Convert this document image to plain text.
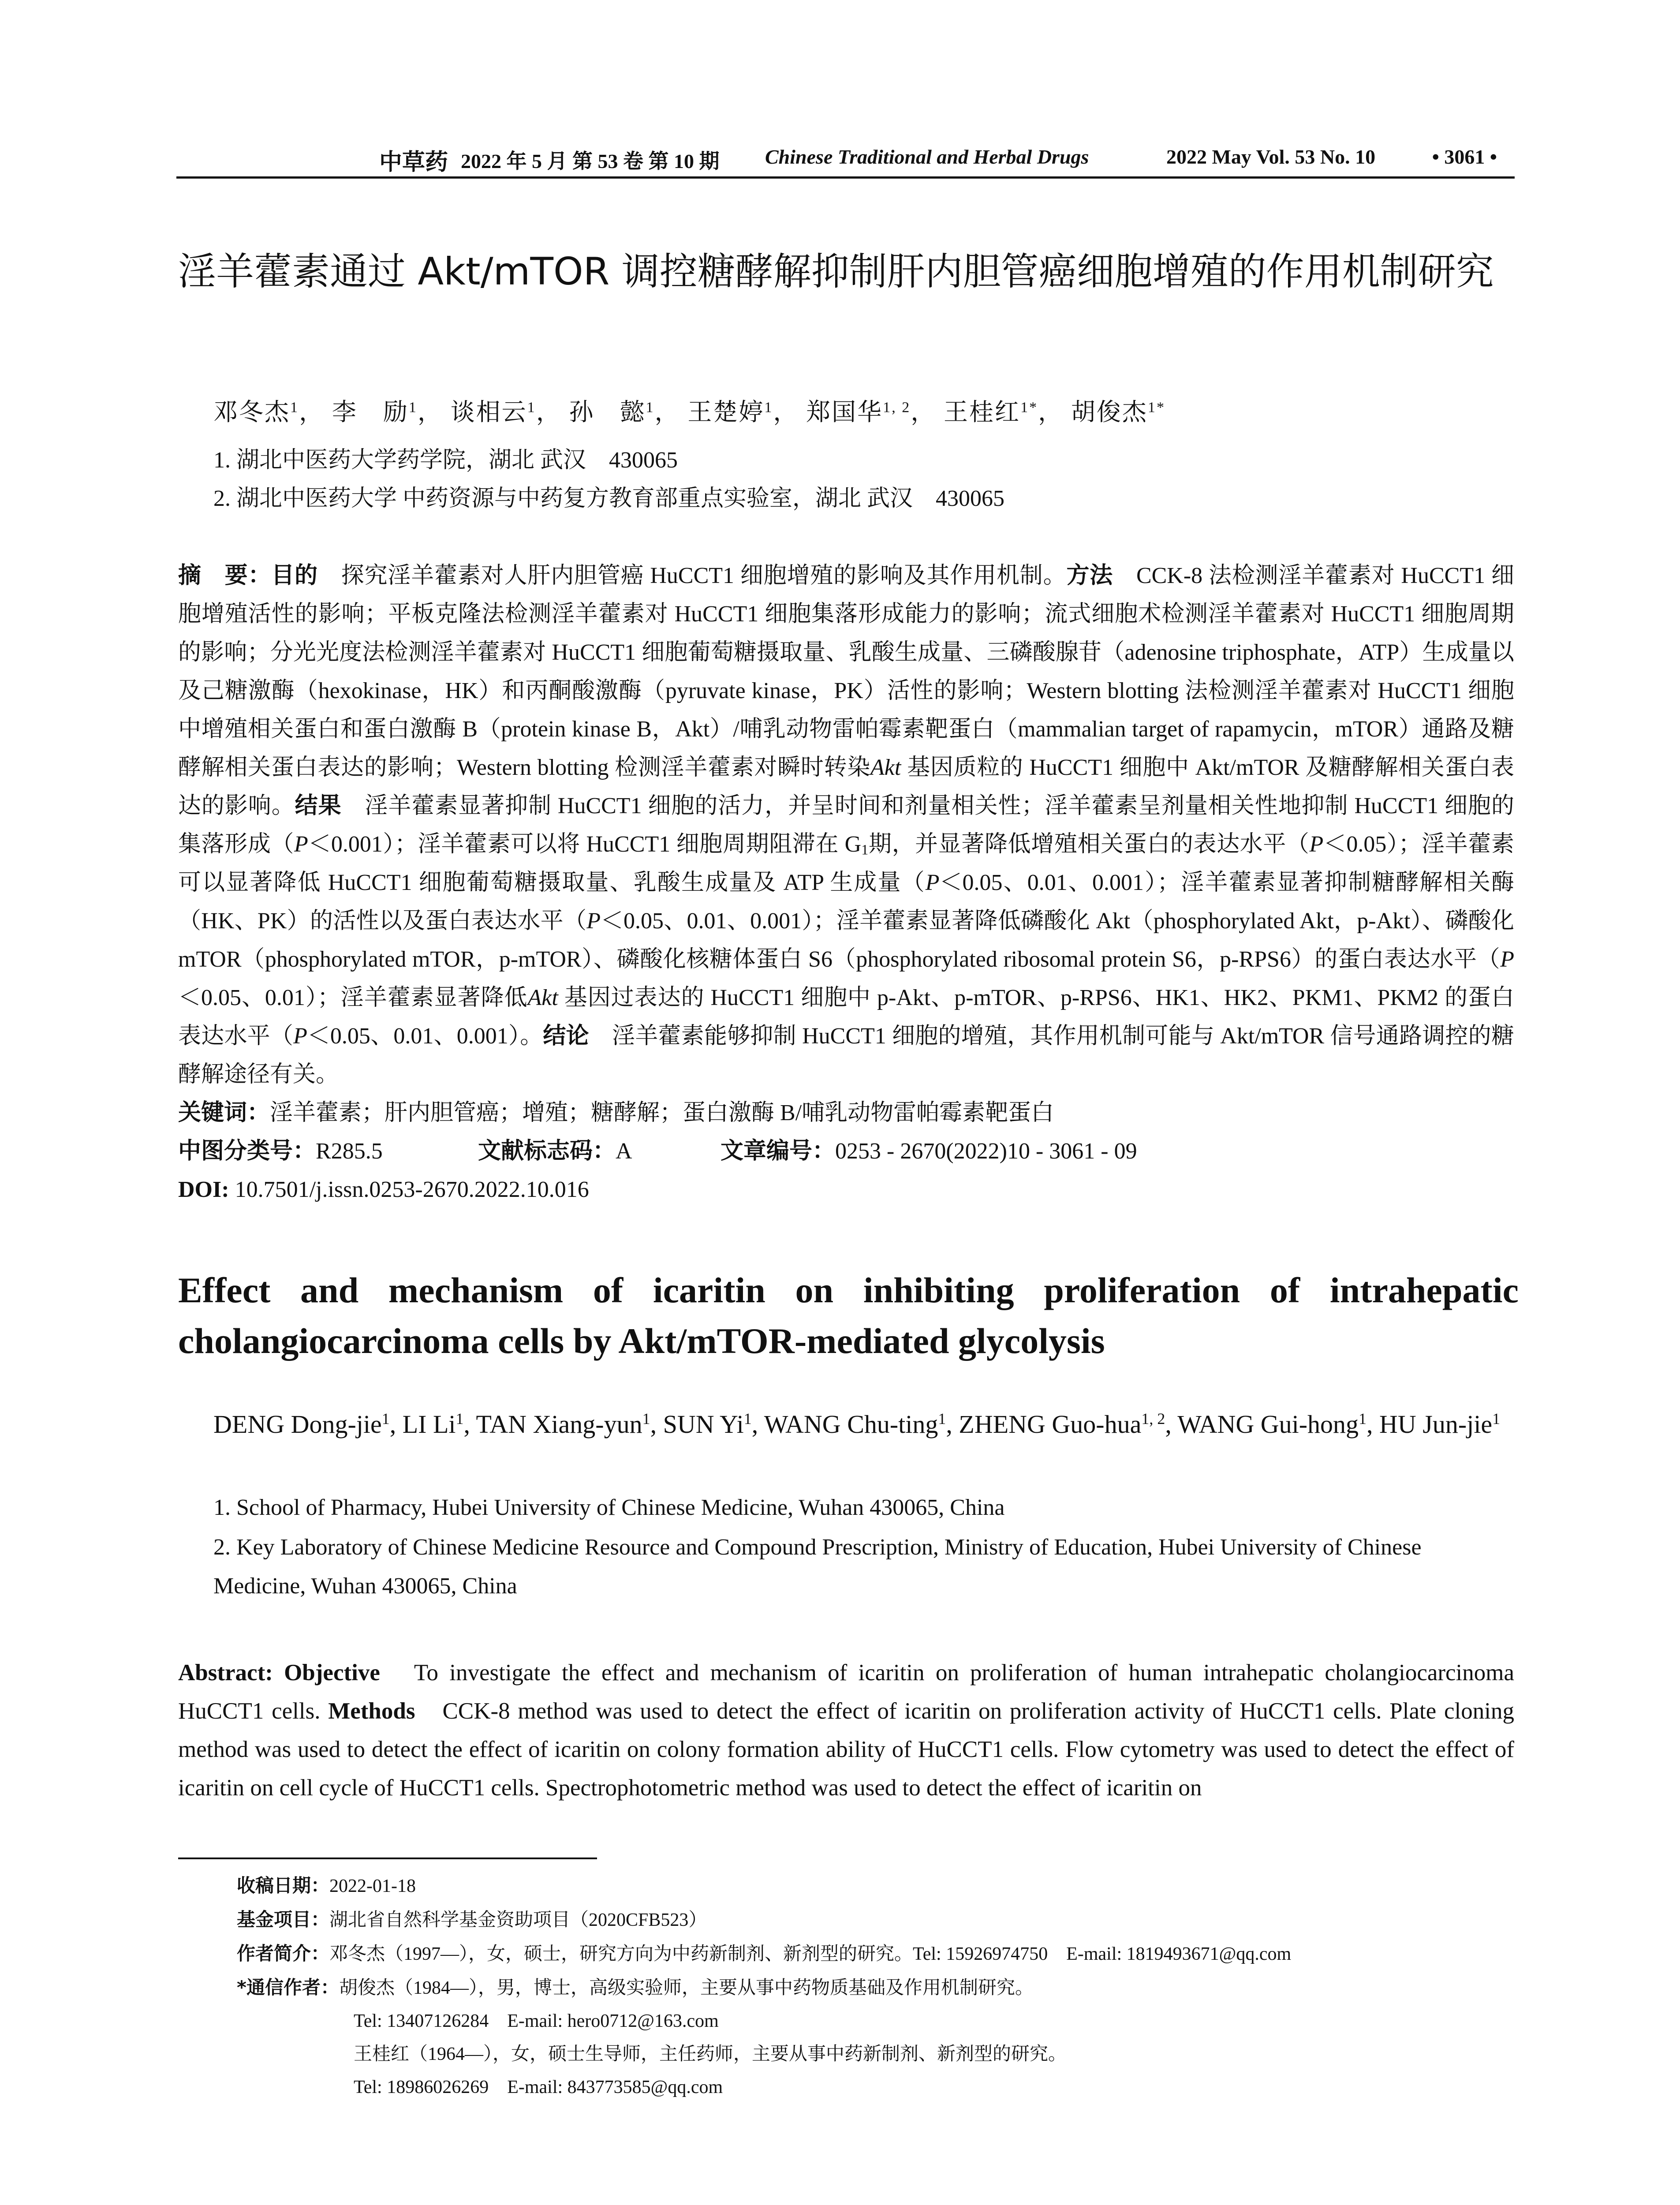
中草药 2022 年 5 月 第 53 卷 第 10 期 Chinese Traditional and Herbal Drugs	2022 May Vol. 53 No. 10	• 3061 •
淫羊藿素通过 Akt/mTOR 调控糖酵解抑制肝内胆管癌细胞增殖的作用机制研究
邓冬杰$^1$， 李　励$^1$， 谈相云$^1$， 孙　懿$^1$， 王楚婷$^1$， 郑国华$^{1, 2}$， 王桂红$^{1*}$， 胡俊杰$^{1*}$
1. 湖北中医药大学药学院，湖北 武汉　430065
2. 湖北中医药大学 中药资源与中药复方教育部重点实验室，湖北 武汉　430065
摘　要：目的　 探究淫羊藿素对人肝内胆管癌 HuCCT1 细胞增殖的影响及其作用机制。方法　 CCK-8 法检测淫羊藿素对 HuCCT1 细胞增殖活性的影响；平板克隆法检测淫羊藿素对 HuCCT1 细胞集落形成能力的影响；流式细胞术检测淫羊藿素对 HuCCT1 细胞周期的影响；分光光度法检测淫羊藿素对 HuCCT1 细胞葡萄糖摄取量、乳酸生成量、三磷酸腺苷（adenosine triphosphate，ATP）生成量以及己糖激酶（hexokinase，HK）和丙酮酸激酶（pyruvate kinase，PK）活性的影响；Western blotting 法检测淫羊藿素对 HuCCT1 细胞中增殖相关蛋白和蛋白激酶 B（protein kinase B，Akt）/哺乳动物雷帕霉素靶蛋白（mammalian target of rapamycin，mTOR）通路及糖酵解相关蛋白表达的影响；Western blotting 检测淫羊藿素对瞬时转染Akt 基因质粒的 HuCCT1 细胞中 Akt/mTOR 及糖酵解相关蛋白表达的影响。结果　 淫羊藿素显著抑制 HuCCT1 细胞的活力，并呈时间和剂量相关性；淫羊藿素呈剂量相关性地抑制 HuCCT1 细胞的集落形成（P＜0.001）；淫羊藿素可以将 HuCCT1 细胞周期阻滞在 $G_1$期，并显著降低增殖相关蛋白的表达水平（P＜0.05）；淫羊藿素可以显著降低 HuCCT1 细胞葡萄糖摄取量、乳酸生成量及 ATP 生成量（P＜0.05、0.01、0.001）；淫羊藿素显著抑制糖酵解相关酶（HK、PK）的活性以及蛋白表达水平（P＜0.05、0.01、0.001）；淫羊藿素显著降低磷酸化 Akt（phosphorylated Akt，p-Akt）、磷酸化 mTOR（phosphorylated mTOR，p-mTOR）、磷酸化核糖体蛋白 S6（phosphorylated ribosomal protein S6，p-RPS6）的蛋白表达水平（P＜0.05、0.01）；淫羊藿素显著降低Akt 基因过表达的 HuCCT1 细胞中 p-Akt、p-mTOR、p-RPS6、HK1、HK2、PKM1、PKM2 的蛋白表达水平（P＜0.05、0.01、0.001）。结论　 淫羊藿素能够抑制 HuCCT1 细胞的增殖，其作用机制可能与 Akt/mTOR 信号通路调控的糖酵解途径有关。
关键词：淫羊藿素；肝内胆管癌；增殖；糖酵解；蛋白激酶 B/哺乳动物雷帕霉素靶蛋白
中图分类号：R285.5	文献标志码：A	文章编号：0253 - 2670(2022)10 - 3061 - 09
DOI: 10.7501/j.issn.0253-2670.2022.10.016
Effect and mechanism of icaritin on inhibiting proliferation of intrahepatic cholangiocarcinoma cells by Akt/mTOR-mediated glycolysis
DENG Dong-jie$^1$, LI Li$^1$, TAN Xiang-yun$^1$, SUN Yi$^1$, WANG Chu-ting$^1$, ZHENG Guo-hua$^{1, 2}$, WANG Gui-hong$^1$, HU Jun-jie$^1$
1. School of Pharmacy, Hubei University of Chinese Medicine, Wuhan 430065, China
2. Key Laboratory of Chinese Medicine Resource and Compound Prescription, Ministry of Education, Hubei University of Chinese Medicine, Wuhan 430065, China
Abstract: Objective　 To investigate the effect and mechanism of icaritin on proliferation of human intrahepatic cholangiocarcinoma HuCCT1 cells. Methods　 CCK-8 method was used to detect the effect of icaritin on proliferation activity of HuCCT1 cells. Plate cloning method was used to detect the effect of icaritin on colony formation ability of HuCCT1 cells. Flow cytometry was used to detect the effect of icaritin on cell cycle of HuCCT1 cells. Spectrophotometric method was used to detect the effect of icaritin on
收稿日期：2022-01-18
基金项目：湖北省自然科学基金资助项目（2020CFB523）
作者简介：邓冬杰（1997—），女，硕士，研究方向为中药新制剂、新剂型的研究。Tel: 15926974750　E-mail: 1819493671@qq.com
*通信作者：胡俊杰（1984—），男，博士，高级实验师，主要从事中药物质基础及作用机制研究。
Tel: 13407126284　E-mail: hero0712@163.com
王桂红（1964—），女，硕士生导师，主任药师，主要从事中药新制剂、新剂型的研究。
Tel: 18986026269　E-mail: 843773585@qq.com
